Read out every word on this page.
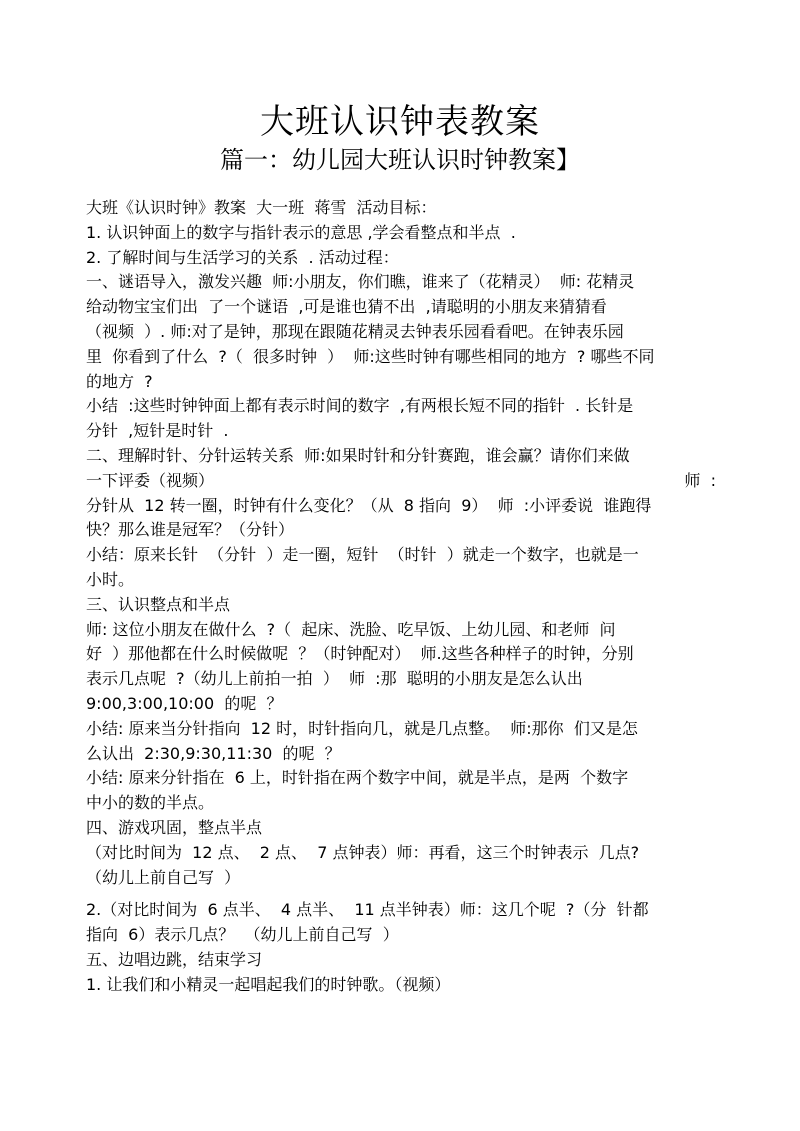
大班认识钟表教案
篇一：幼儿园大班认识时钟教案】
大班《认识时钟》教案  大一班  蒋雪  活动目标：
1. 认识钟面上的数字与指针表示的意思 ,学会看整点和半点  .
2. 了解时间与生活学习的关系  . 活动过程：
一、谜语导入，激发兴趣  师:小朋友，你们瞧，谁来了（花精灵）  师: 花精灵
给动物宝宝们出  了一个谜语  ,可是谁也猜不出  ,请聪明的小朋友来猜猜看
（视频  ）. 师:对了是钟，那现在跟随花精灵去钟表乐园看看吧。在钟表乐园
里  你看到了什么  ?（  很多时钟  ）  师:这些时钟有哪些相同的地方  ? 哪些不同
的地方  ?
小结  :这些时钟钟面上都有表示时间的数字  ,有两根长短不同的指针  . 长针是
分针  ,短针是时针  .
二、理解时针、分针运转关系  师:如果时针和分针赛跑，谁会赢？请你们来做
一下评委（视频）	师  :
分针从  12 转一圈，时钟有什么变化？（从  8 指向  9）  师  :小评委说  谁跑得
快？那么谁是冠军？（分针）
小结：原来长针  （分针  ）走一圈，短针  （时针  ）就走一个数字，也就是一
小时。
三、认识整点和半点
师: 这位小朋友在做什么  ?（  起床、洗脸、吃早饭、上幼儿园、和老师  问
好  ）那他都在什么时候做呢  ？（时钟配对）  师.这些各种样子的时钟，分别
表示几点呢  ?（幼儿上前拍一拍  ）  师  :那  聪明的小朋友是怎么认出
9:00,3:00,10:00  的呢  ？
小结: 原来当分针指向  12 时，时针指向几，就是几点整。  师:那你  们又是怎
么认出  2:30,9:30,11:30  的呢  ？
小结: 原来分针指在  6 上，时针指在两个数字中间，就是半点，是两  个数字
中小的数的半点。
四、游戏巩固，整点半点
（对比时间为  12 点、  2 点、  7 点钟表）师：再看，这三个时钟表示  几点?
（幼儿上前自己写  ）
2.（对比时间为  6 点半、  4 点半、  11 点半钟表）师：这几个呢  ?（分  针都
指向  6）表示几点？  （幼儿上前自己写  ）
五、边唱边跳，结束学习
1. 让我们和小精灵一起唱起我们的时钟歌。（视频）
